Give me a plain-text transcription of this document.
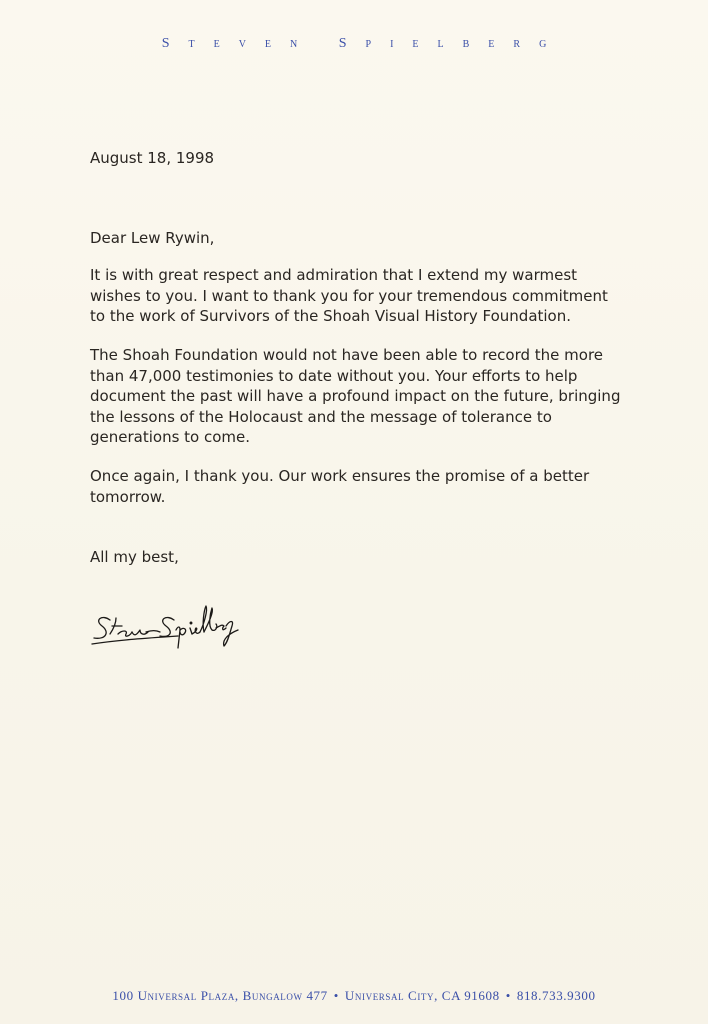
Steven Spielberg
August 18, 1998
Dear Lew Rywin,
It is with great respect and admiration that I extend my warmest
wishes to you. I want to thank you for your tremendous commitment
to the work of Survivors of the Shoah Visual History Foundation.
The Shoah Foundation would not have been able to record the more
than 47,000 testimonies to date without you. Your efforts to help
document the past will have a profound impact on the future, bringing
the lessons of the Holocaust and the message of tolerance to
generations to come.
Once again, I thank you. Our work ensures the promise of a better
tomorrow.
All my best,
100 Universal Plaza, Bungalow 477 • Universal City, CA 91608 • 818.733.9300
